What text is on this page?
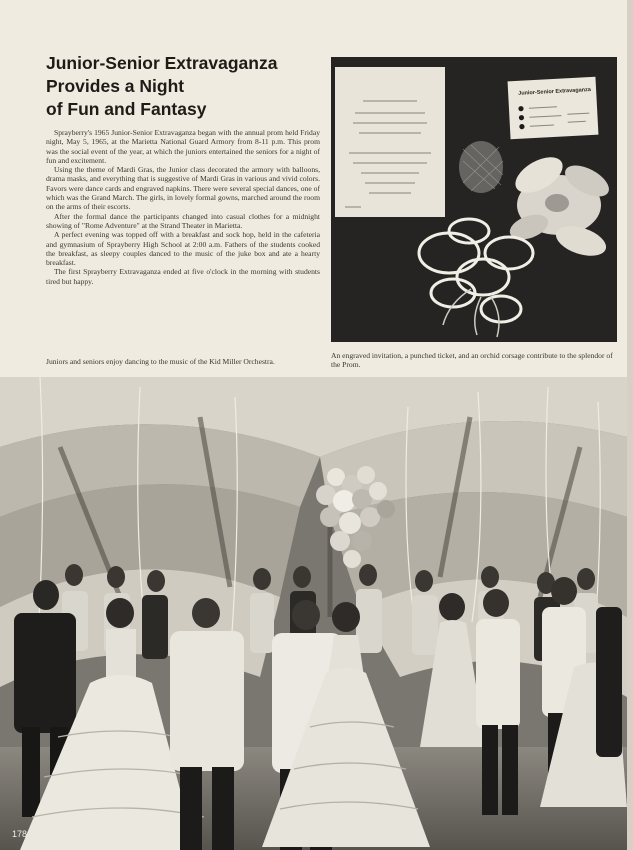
Junior-Senior Extravaganza
Provides a Night
of Fun and Fantasy

Sprayberry's 1965 Junior-Senior Extravaganza began with the annual prom held Friday night, May 5, 1965, at the Marietta National Guard Armory from 8-11 p.m. This prom was the social event of the year, at which the juniors entertained the seniors for a night of fun and excitement.

Using the theme of Mardi Gras, the Junior class decorated the armory with balloons, drama masks, and everything that is suggestive of Mardi Gras in various and vivid colors. Favors were dance cards and engraved napkins. There were several special dances, one of which was the Grand March. The girls, in lovely formal gowns, marched around the room on the arms of their escorts.

After the formal dance the participants changed into casual clothes for a midnight showing of "Rome Adventure" at the Strand Theater in Marietta.

A perfect evening was topped off with a breakfast and sock hop, held in the cafeteria and gymnasium of Sprayberry High School at 2:00 a.m. Fathers of the students cooked the breakfast, as sleepy couples danced to the music of the juke box and ate a hearty breakfast.

The first Sprayberry Extravaganza ended at five o'clock in the morning with students tired but happy.

Junior-Senior Extravaganza

Juniors and seniors enjoy dancing to the music of the Kid Miller Orchestra.

An engraved invitation, a punched ticket, and an orchid corsage contribute to the splendor of the Prom.

178
